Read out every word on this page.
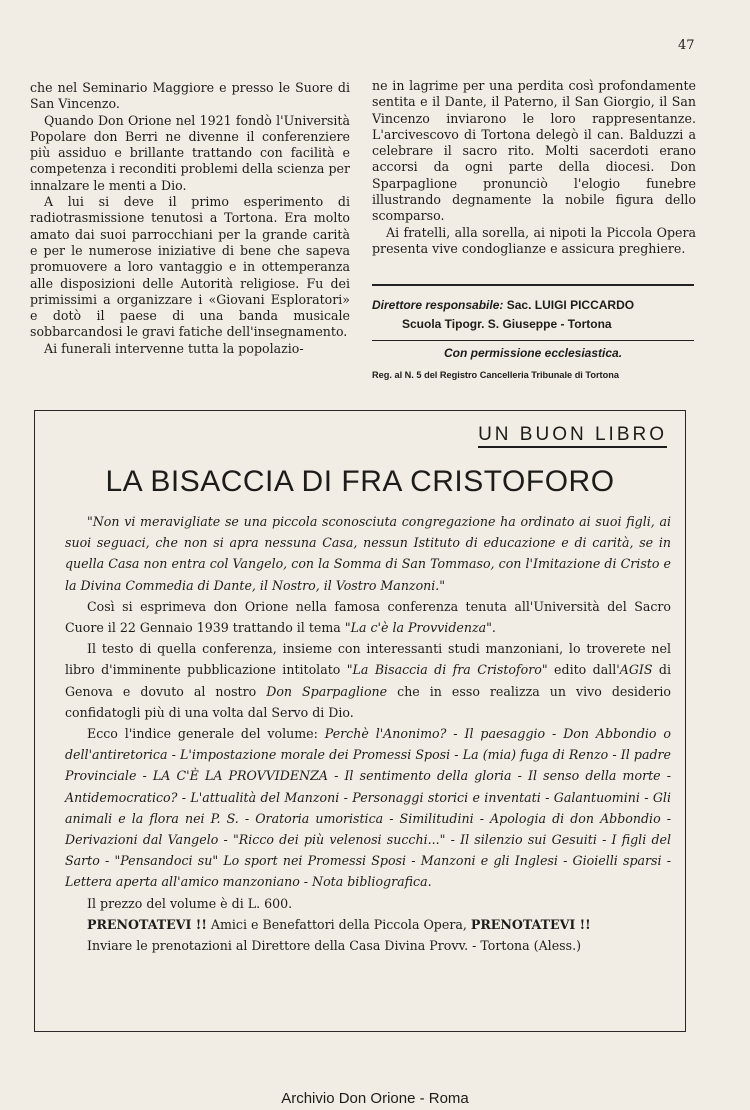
47

che nel Seminario Maggiore e presso le Suore di San Vincenzo.

Quando Don Orione nel 1921 fondò l'Università Popolare don Berri ne divenne il conferenziere più assiduo e brillante trattando con facilità e competenza i reconditi problemi della scienza per innalzare le menti a Dio.

A lui si deve il primo esperimento di radiotrasmissione tenutosi a Tortona. Era molto amato dai suoi parrocchiani per la grande carità e per le numerose iniziative di bene che sapeva promuovere a loro vantaggio e in ottemperanza alle disposizioni delle Autorità religiose. Fu dei primissimi a organizzare i «Giovani Esploratori» e dotò il paese di una banda musicale sobbarcandosi le gravi fatiche dell'insegnamento.

Ai funerali intervenne tutta la popolazio-

ne in lagrime per una perdita così profondamente sentita e il Dante, il Paterno, il San Giorgio, il San Vincenzo inviarono le loro rappresentanze. L'arcivescovo di Tortona delegò il can. Balduzzi a celebrare il sacro rito. Molti sacerdoti erano accorsi da ogni parte della diocesi. Don Sparpaglione pronunciò l'elogio funebre illustrando degnamente la nobile figura dello scomparso.

Ai fratelli, alla sorella, ai nipoti la Piccola Opera presenta vive condoglianze e assicura preghiere.

Direttore responsabile: Sac. LUIGI PICCARDO
Scuola Tipogr. S. Giuseppe - Tortona
Con permissione ecclesiastica.
Reg. al N. 5 del Registro Cancelleria Tribunale di Tortona
UN BUON LIBRO
LA BISACCIA DI FRA CRISTOFORO

"Non vi meravigliate se una piccola sconosciuta congregazione ha ordinato ai suoi figli, ai suoi seguaci, che non si apra nessuna Casa, nessun Istituto di educazione e di carità, se in quella Casa non entra col Vangelo, con la Somma di San Tommaso, con l'Imitazione di Cristo e la Divina Commedia di Dante, il Nostro, il Vostro Manzoni."

Così si esprimeva don Orione nella famosa conferenza tenuta all'Università del Sacro Cuore il 22 Gennaio 1939 trattando il tema "La c'è la Provvidenza".

Il testo di quella conferenza, insieme con interessanti studi manzoniani, lo troverete nel libro d'imminente pubblicazione intitolato "La Bisaccia di fra Cristoforo" edito dall'AGIS di Genova e dovuto al nostro Don Sparpaglione che in esso realizza un vivo desiderio confidatogli più di una volta dal Servo di Dio.

Ecco l'indice generale del volume: Perchè l'Anonimo? - Il paesaggio - Don Abbondio o dell'antiretorica - L'impostazione morale dei Promessi Sposi - La (mia) fuga di Renzo - Il padre Provinciale - LA C'È LA PROVVIDENZA - Il sentimento della gloria - Il senso della morte - Antidemocratico? - L'attualità del Manzoni - Personaggi storici e inventati - Galantuomini - Gli animali e la flora nei P. S. - Oratoria umoristica - Similitudini - Apologia di don Abbondio - Derivazioni dal Vangelo - "Ricco dei più velenosi succhi..." - Il silenzio sui Gesuiti - I figli del Sarto - "Pensandoci su" Lo sport nei Promessi Sposi - Manzoni e gli Inglesi - Gioielli sparsi - Lettera aperta all'amico manzoniano - Nota bibliografica.

Il prezzo del volume è di L. 600.

PRENOTATEVI !! Amici e Benefattori della Piccola Opera, PRENOTATEVI !!

Inviare le prenotazioni al Direttore della Casa Divina Provv. - Tortona (Aless.)

Archivio Don Orione - Roma
